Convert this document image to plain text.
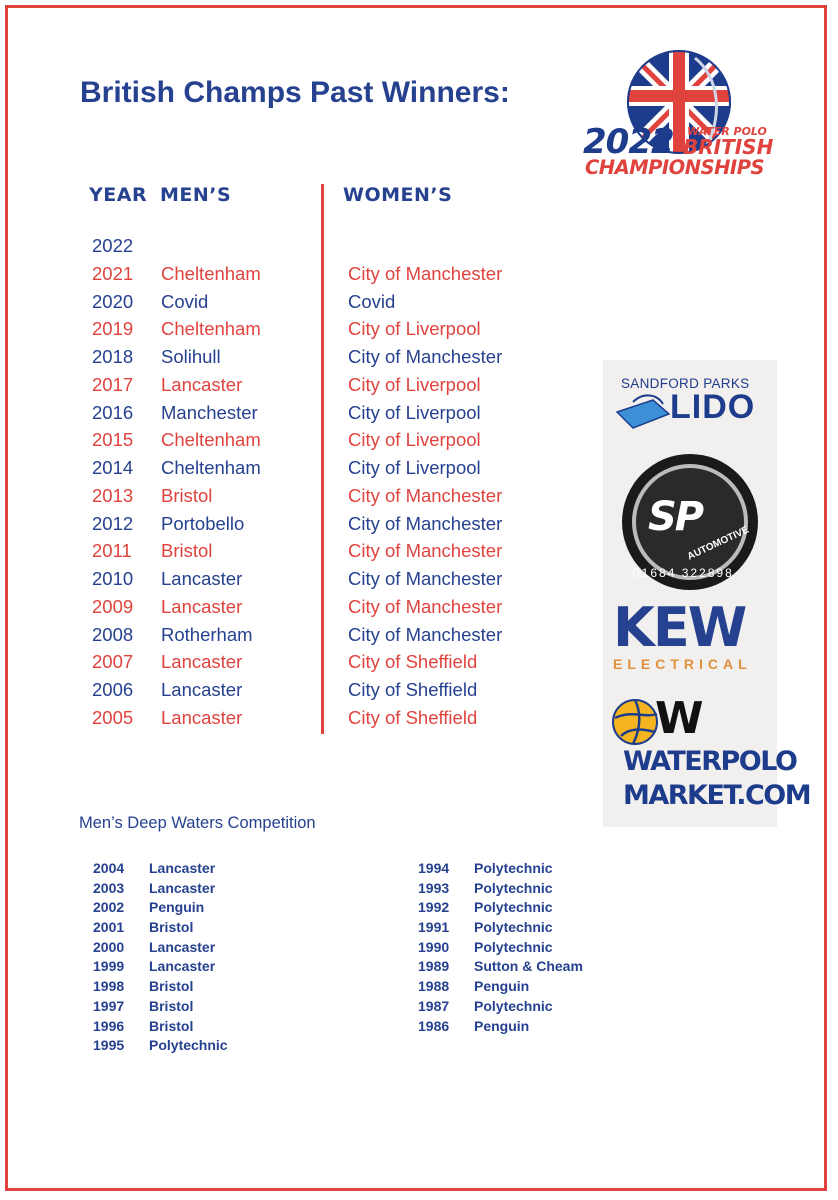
British Champs Past Winners:
2022 WATER POLO
BRITISH
CHAMPIONSHIPS
YEAR MEN’S	WOMEN’S
2022
2021 Cheltenham	City of Manchester
2020 Covid	Covid
2019 Cheltenham	City of Liverpool
2018 Solihull	City of Manchester
2017 Lancaster	City of Liverpool
2016 Manchester	City of Liverpool
2015 Cheltenham	City of Liverpool
2014 Cheltenham	City of Liverpool
2013 Bristol	City of Manchester
2012 Portobello	City of Manchester
2011 Bristol	City of Manchester
2010 Lancaster	City of Manchester
2009 Lancaster	City of Manchester
2008 Rotherham	City of Manchester
2007 Lancaster	City of Sheffield
2006 Lancaster	City of Sheffield
2005 Lancaster	City of Sheffield
SANDFORD PARKS
LIDO
SP
AUTOMOTIVE
01684 322898
KEW
ELECTRICAL
W
WATERPOLO
MARKET.COM
Men’s Deep Waters Competition
2004 Lancaster
2003 Lancaster
2002 Penguin
2001 Bristol
2000 Lancaster
1999 Lancaster
1998 Bristol
1997 Bristol
1996 Bristol
1995 Polytechnic
1994 Polytechnic
1993 Polytechnic
1992 Polytechnic
1991 Polytechnic
1990 Polytechnic
1989 Sutton & Cheam
1988 Penguin
1987 Polytechnic
1986 Penguin
